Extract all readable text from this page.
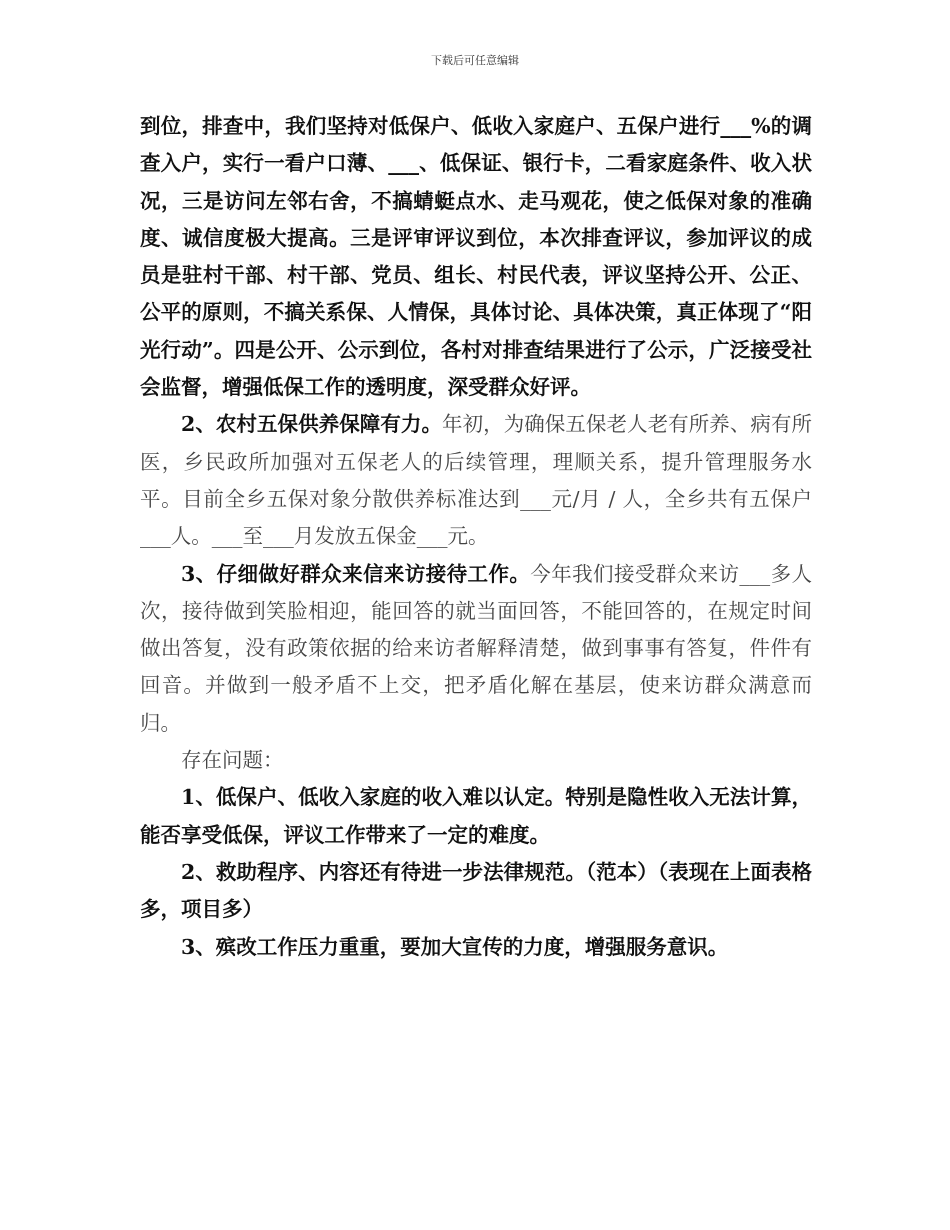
下载后可任意编辑

到位，排查中，我们坚持对低保户、低收入家庭户、五保户进行___%的调查入户，实行一看户口薄、___、低保证、银行卡，二看家庭条件、收入状况，三是访问左邻右舍，不搞蜻蜓点水、走马观花，使之低保对象的准确度、诚信度极大提高。三是评审评议到位，本次排查评议，参加评议的成员是驻村干部、村干部、党员、组长、村民代表，评议坚持公开、公正、公平的原则，不搞关系保、人情保，具体讨论、具体决策，真正体现了“阳光行动”。四是公开、公示到位，各村对排查结果进行了公示，广泛接受社会监督，增强低保工作的透明度，深受群众好评。

2、农村五保供养保障有力。年初，为确保五保老人老有所养、病有所医，乡民政所加强对五保老人的后续管理，理顺关系，提升管理服务水平。目前全乡五保对象分散供养标准达到___元/月 / 人，全乡共有五保户___人。___至___月发放五保金___元。

3、仔细做好群众来信来访接待工作。今年我们接受群众来访___多人次，接待做到笑脸相迎，能回答的就当面回答，不能回答的，在规定时间做出答复，没有政策依据的给来访者解释清楚，做到事事有答复，件件有回音。并做到一般矛盾不上交，把矛盾化解在基层，使来访群众满意而归。

存在问题：

1、低保户、低收入家庭的收入难以认定。特别是隐性收入无法计算，能否享受低保，评议工作带来了一定的难度。

2、救助程序、内容还有待进一步法律规范。（范本）（表现在上面表格多，项目多）

3、殡改工作压力重重，要加大宣传的力度，增强服务意识。
